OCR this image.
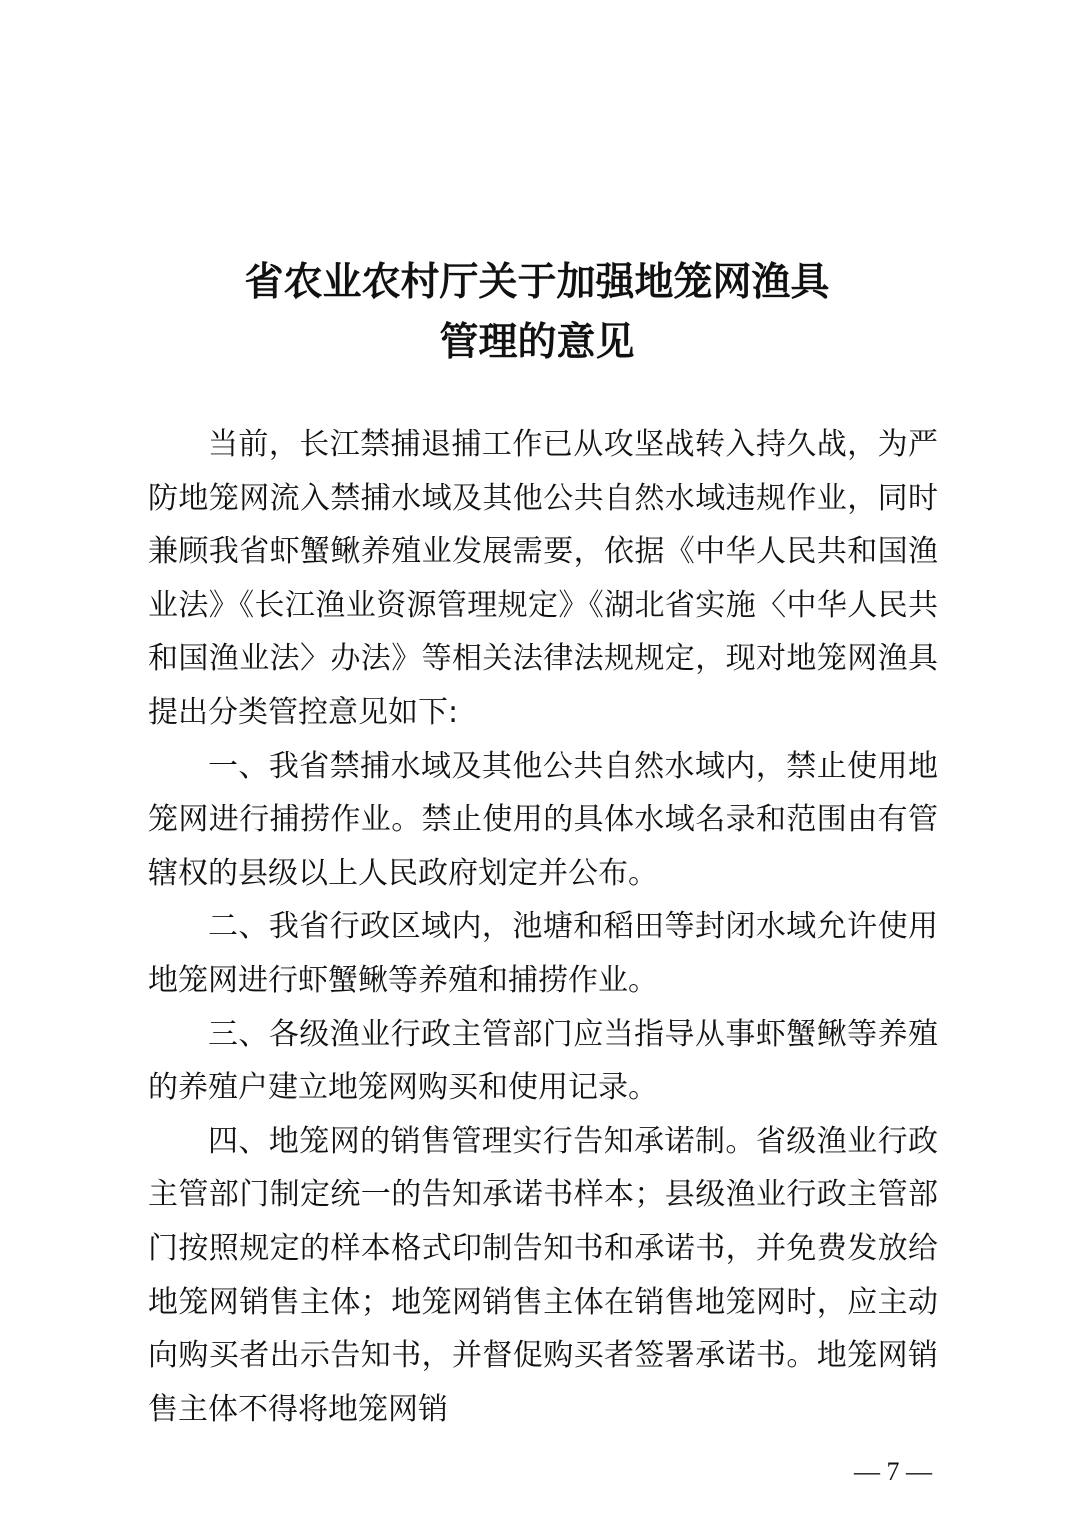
省农业农村厅关于加强地笼网渔具
管理的意见

当前，长江禁捕退捕工作已从攻坚战转入持久战，为严防地笼网流入禁捕水域及其他公共自然水域违规作业，同时兼顾我省虾蟹鳅养殖业发展需要，依据《中华人民共和国渔业法》《长江渔业资源管理规定》《湖北省实施〈中华人民共和国渔业法〉办法》等相关法律法规规定，现对地笼网渔具提出分类管控意见如下:

一、我省禁捕水域及其他公共自然水域内，禁止使用地笼网进行捕捞作业。禁止使用的具体水域名录和范围由有管辖权的县级以上人民政府划定并公布。

二、我省行政区域内，池塘和稻田等封闭水域允许使用地笼网进行虾蟹鳅等养殖和捕捞作业。

三、各级渔业行政主管部门应当指导从事虾蟹鳅等养殖的养殖户建立地笼网购买和使用记录。

四、地笼网的销售管理实行告知承诺制。省级渔业行政主管部门制定统一的告知承诺书样本；县级渔业行政主管部门按照规定的样本格式印制告知书和承诺书，并免费发放给地笼网销售主体；地笼网销售主体在销售地笼网时，应主动向购买者出示告知书，并督促购买者签署承诺书。地笼网销售主体不得将地笼网销

— 7 —
